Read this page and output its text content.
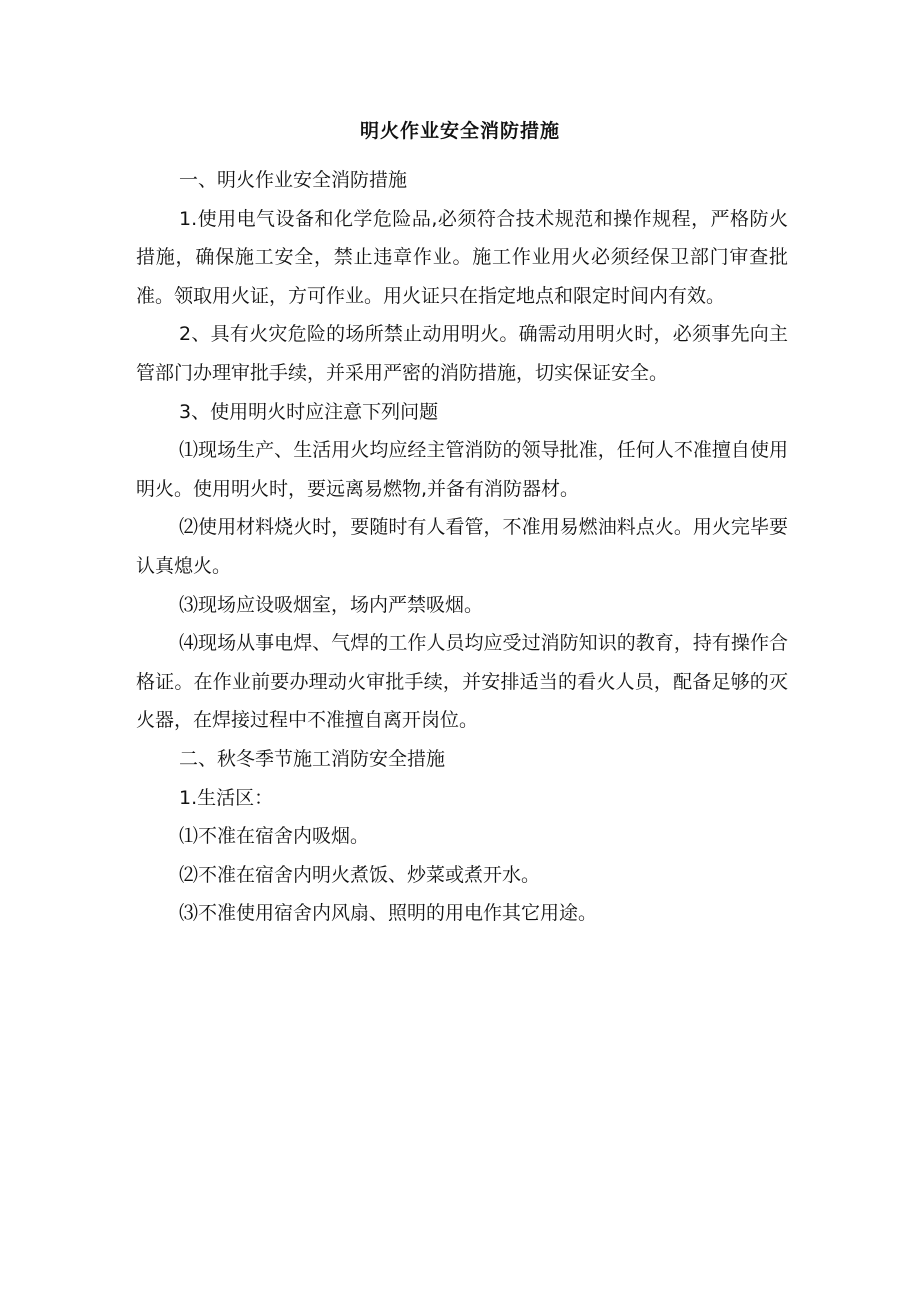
明火作业安全消防措施

一、明火作业安全消防措施

1.使用电气设备和化学危险品,必须符合技术规范和操作规程，严格防火措施，确保施工安全，禁止违章作业。施工作业用火必须经保卫部门审查批准。领取用火证，方可作业。用火证只在指定地点和限定时间内有效。

2、具有火灾危险的场所禁止动用明火。确需动用明火时，必须事先向主管部门办理审批手续，并采用严密的消防措施，切实保证安全。

3、使用明火时应注意下列问题

⑴现场生产、生活用火均应经主管消防的领导批准，任何人不准擅自使用明火。使用明火时，要远离易燃物,并备有消防器材。

⑵使用材料烧火时，要随时有人看管，不准用易燃油料点火。用火完毕要认真熄火。

⑶现场应设吸烟室，场内严禁吸烟。

⑷现场从事电焊、气焊的工作人员均应受过消防知识的教育，持有操作合格证。在作业前要办理动火审批手续，并安排适当的看火人员，配备足够的灭火器，在焊接过程中不准擅自离开岗位。

二、秋冬季节施工消防安全措施

1.生活区：

⑴不准在宿舍内吸烟。

⑵不准在宿舍内明火煮饭、炒菜或煮开水。

⑶不准使用宿舍内风扇、照明的用电作其它用途。
